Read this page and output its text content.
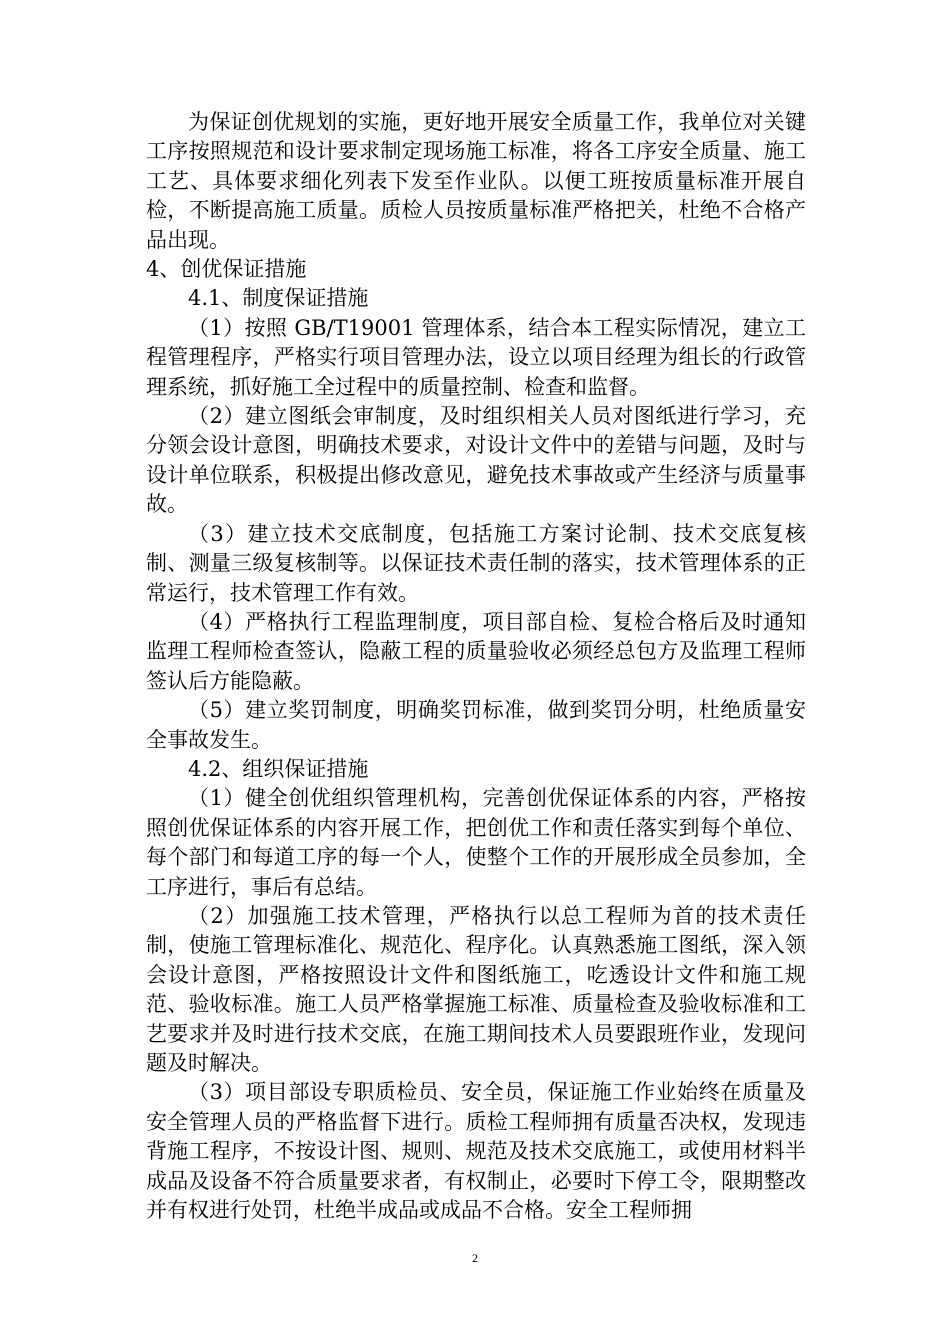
为保证创优规划的实施，更好地开展安全质量工作，我单位对关键工序按照规范和设计要求制定现场施工标准，将各工序安全质量、施工工艺、具体要求细化列表下发至作业队。以便工班按质量标准开展自检，不断提高施工质量。质检人员按质量标准严格把关，杜绝不合格产品出现。

4、创优保证措施

4.1、制度保证措施

（1）按照 GB/T19001 管理体系，结合本工程实际情况，建立工程管理程序，严格实行项目管理办法，设立以项目经理为组长的行政管理系统，抓好施工全过程中的质量控制、检查和监督。

（2）建立图纸会审制度，及时组织相关人员对图纸进行学习，充分领会设计意图，明确技术要求，对设计文件中的差错与问题，及时与设计单位联系，积极提出修改意见，避免技术事故或产生经济与质量事故。

（3）建立技术交底制度，包括施工方案讨论制、技术交底复核制、测量三级复核制等。以保证技术责任制的落实，技术管理体系的正常运行，技术管理工作有效。

（4）严格执行工程监理制度，项目部自检、复检合格后及时通知监理工程师检查签认，隐蔽工程的质量验收必须经总包方及监理工程师签认后方能隐蔽。

（5）建立奖罚制度，明确奖罚标准，做到奖罚分明，杜绝质量安全事故发生。

4.2、组织保证措施

（1）健全创优组织管理机构，完善创优保证体系的内容，严格按照创优保证体系的内容开展工作，把创优工作和责任落实到每个单位、每个部门和每道工序的每一个人，使整个工作的开展形成全员参加，全工序进行，事后有总结。

（2）加强施工技术管理，严格执行以总工程师为首的技术责任制，使施工管理标准化、规范化、程序化。认真熟悉施工图纸，深入领会设计意图，严格按照设计文件和图纸施工，吃透设计文件和施工规范、验收标准。施工人员严格掌握施工标准、质量检查及验收标准和工艺要求并及时进行技术交底，在施工期间技术人员要跟班作业，发现问题及时解决。

（3）项目部设专职质检员、安全员，保证施工作业始终在质量及安全管理人员的严格监督下进行。质检工程师拥有质量否决权，发现违背施工程序，不按设计图、规则、规范及技术交底施工，或使用材料半成品及设备不符合质量要求者，有权制止，必要时下停工令，限期整改并有权进行处罚，杜绝半成品或成品不合格。安全工程师拥

2
